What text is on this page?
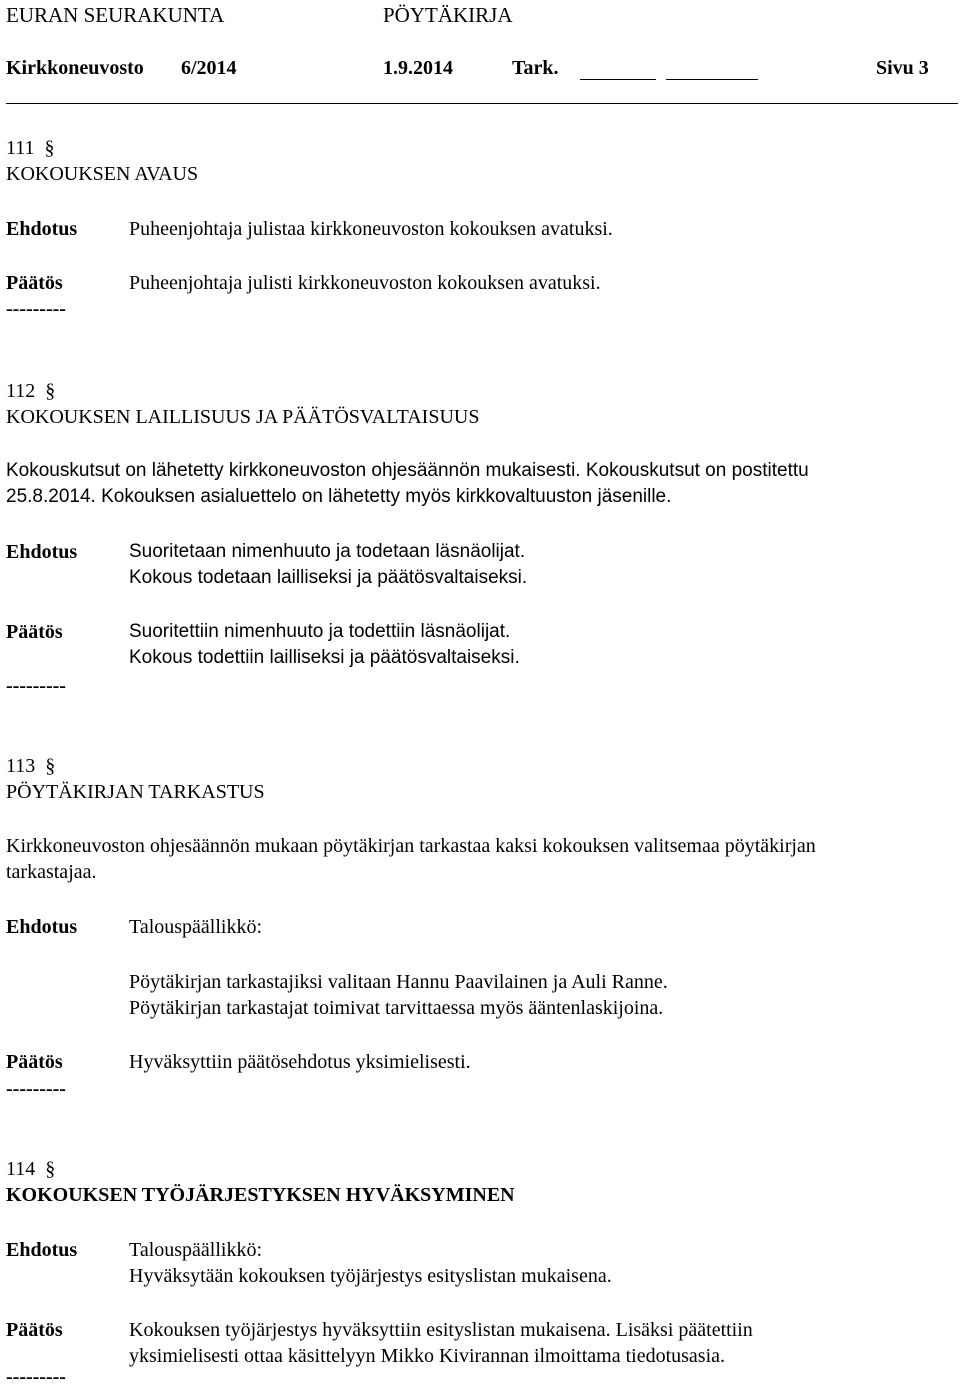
EURAN SEURAKUNTA	PÖYTÄKIRJA
Kirkkoneuvosto 6/2014	1.9.2014	Tark.	Sivu 3
111 §
KOKOUKSEN AVAUS
Ehdotus	Puheenjohtaja julistaa kirkkoneuvoston kokouksen avatuksi.
Päätös	Puheenjohtaja julisti kirkkoneuvoston kokouksen avatuksi.
---------
112 §
KOKOUKSEN LAILLISUUS JA PÄÄTÖSVALTAISUUS
Kokouskutsut on lähetetty kirkkoneuvoston ohjesäännön mukaisesti. Kokouskutsut on postitettu
25.8.2014. Kokouksen asialuettelo on lähetetty myös kirkkovaltuuston jäsenille.
Ehdotus	Suoritetaan nimenhuuto ja todetaan läsnäolijat.
Kokous todetaan lailliseksi ja päätösvaltaiseksi.
Päätös	Suoritettiin nimenhuuto ja todettiin läsnäolijat.
Kokous todettiin lailliseksi ja päätösvaltaiseksi.
---------
113 §
PÖYTÄKIRJAN TARKASTUS
Kirkkoneuvoston ohjesäännön mukaan pöytäkirjan tarkastaa kaksi kokouksen valitsemaa pöytäkirjan
tarkastajaa.
Ehdotus	Talouspäällikkö:
Pöytäkirjan tarkastajiksi valitaan Hannu Paavilainen ja Auli Ranne.
Pöytäkirjan tarkastajat toimivat tarvittaessa myös ääntenlaskijoina.
Päätös	Hyväksyttiin päätösehdotus yksimielisesti.
---------
114 §
KOKOUKSEN TYÖJÄRJESTYKSEN HYVÄKSYMINEN
Ehdotus	Talouspäällikkö:
Hyväksytään kokouksen työjärjestys esityslistan mukaisena.
Päätös	Kokouksen työjärjestys hyväksyttiin esityslistan mukaisena. Lisäksi päätettiin
yksimielisesti ottaa käsittelyyn Mikko Kivirannan ilmoittama tiedotusasia.
---------
